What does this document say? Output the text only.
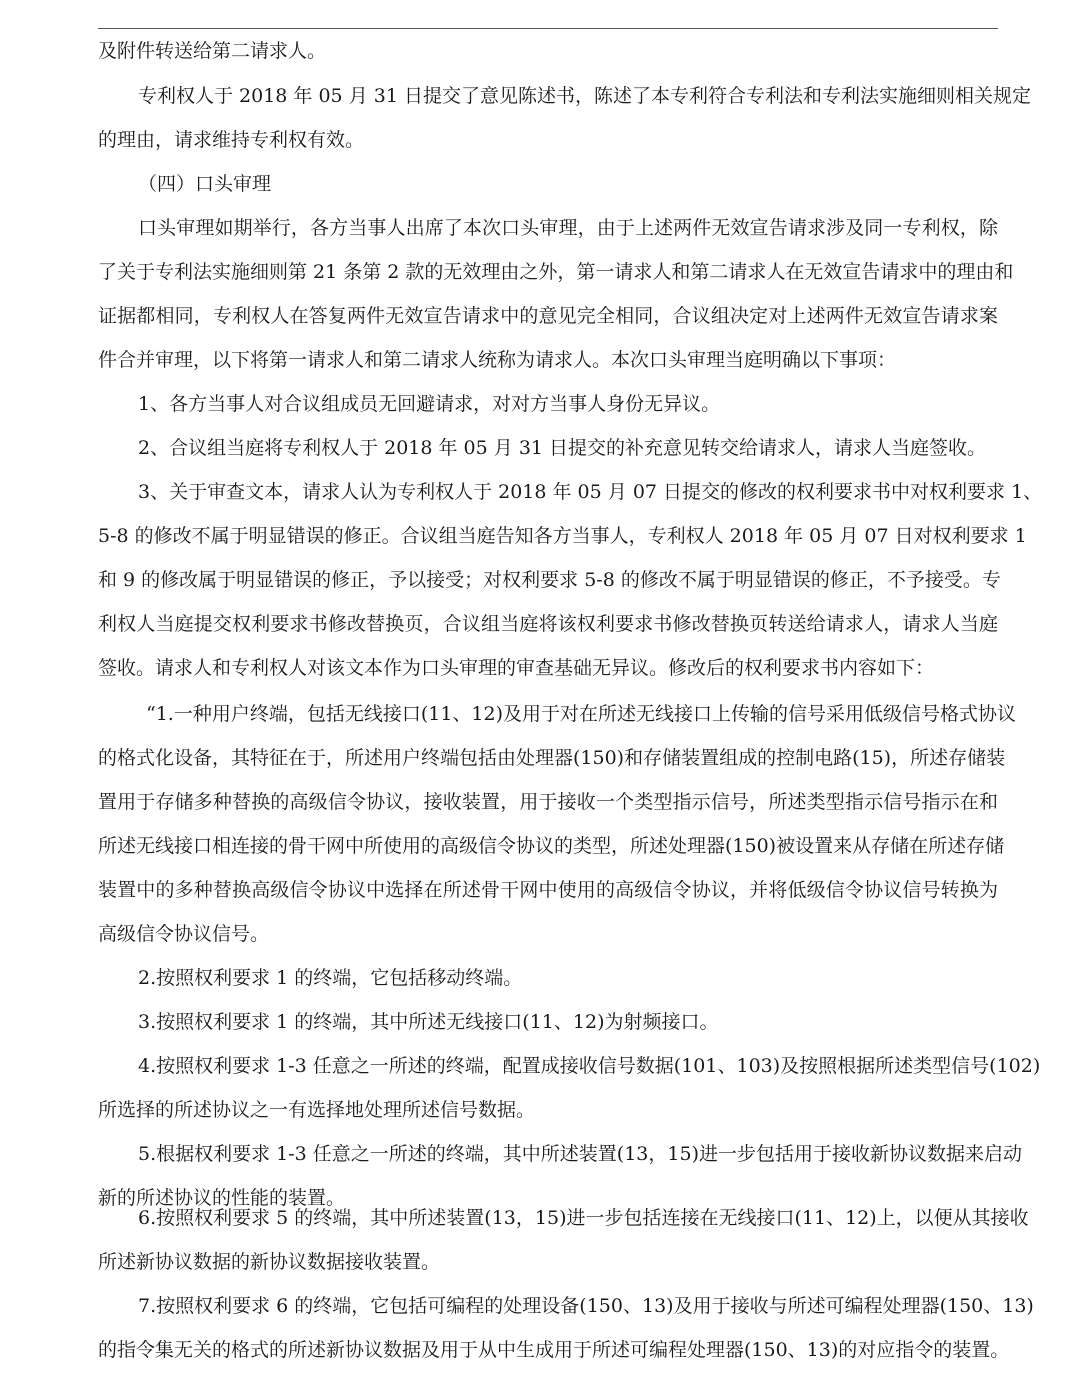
及附件转送给第二请求人。
专利权人于 2018 年 05 月 31 日提交了意见陈述书，陈述了本专利符合专利法和专利法实施细则相关规定
的理由，请求维持专利权有效。
（四）口头审理
口头审理如期举行，各方当事人出席了本次口头审理，由于上述两件无效宣告请求涉及同一专利权，除
了关于专利法实施细则第 21 条第 2 款的无效理由之外，第一请求人和第二请求人在无效宣告请求中的理由和
证据都相同，专利权人在答复两件无效宣告请求中的意见完全相同，合议组决定对上述两件无效宣告请求案
件合并审理，以下将第一请求人和第二请求人统称为请求人。本次口头审理当庭明确以下事项：
1、各方当事人对合议组成员无回避请求，对对方当事人身份无异议。
2、合议组当庭将专利权人于 2018 年 05 月 31 日提交的补充意见转交给请求人，请求人当庭签收。
3、关于审查文本，请求人认为专利权人于 2018 年 05 月 07 日提交的修改的权利要求书中对权利要求 1、
5-8 的修改不属于明显错误的修正。合议组当庭告知各方当事人，专利权人 2018 年 05 月 07 日对权利要求 1
和 9 的修改属于明显错误的修正，予以接受；对权利要求 5-8 的修改不属于明显错误的修正，不予接受。专
利权人当庭提交权利要求书修改替换页，合议组当庭将该权利要求书修改替换页转送给请求人，请求人当庭
签收。请求人和专利权人对该文本作为口头审理的审查基础无异议。修改后的权利要求书内容如下：
“1.一种用户终端，包括无线接口(11、12)及用于对在所述无线接口上传输的信号采用低级信号格式协议
的格式化设备，其特征在于，所述用户终端包括由处理器(150)和存储装置组成的控制电路(15)，所述存储装
置用于存储多种替换的高级信令协议，接收装置，用于接收一个类型指示信号，所述类型指示信号指示在和
所述无线接口相连接的骨干网中所使用的高级信令协议的类型，所述处理器(150)被设置来从存储在所述存储
装置中的多种替换高级信令协议中选择在所述骨干网中使用的高级信令协议，并将低级信令协议信号转换为
高级信令协议信号。
2.按照权利要求 1 的终端，它包括移动终端。
3.按照权利要求 1 的终端，其中所述无线接口(11、12)为射频接口。
4.按照权利要求 1-3 任意之一所述的终端，配置成接收信号数据(101、103)及按照根据所述类型信号(102)
所选择的所述协议之一有选择地处理所述信号数据。
5.根据权利要求 1-3 任意之一所述的终端，其中所述装置(13，15)进一步包括用于接收新协议数据来启动
新的所述协议的性能的装置。
6.按照权利要求 5 的终端，其中所述装置(13，15)进一步包括连接在无线接口(11、12)上，以便从其接收
所述新协议数据的新协议数据接收装置。
7.按照权利要求 6 的终端，它包括可编程的处理设备(150、13)及用于接收与所述可编程处理器(150、13)
的指令集无关的格式的所述新协议数据及用于从中生成用于所述可编程处理器(150、13)的对应指令的装置。
